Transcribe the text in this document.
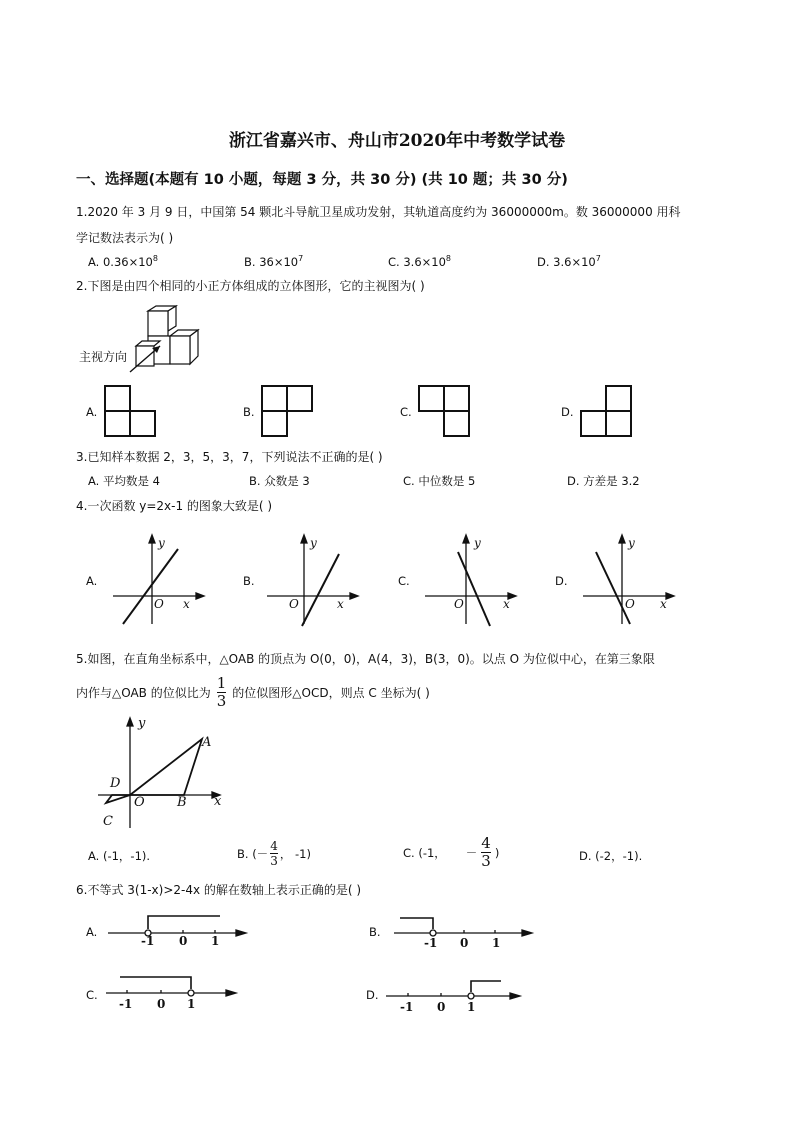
浙江省嘉兴市、舟山市2020年中考数学试卷
一、选择题(本题有 10 小题，每题 3 分，共 30 分) (共 10 题；共 30 分)
1.2020 年 3 月 9 日，中国第 54 颗北斗导航卫星成功发射，其轨道高度约为 36000000m。数 36000000 用科
学记数法表示为( )
A. $0.36\times 10^8$	B. $36\times 10^7$	C. $3.6\times 10^8$	D. $3.6\times 10^7$
2.下图是由四个相同的小正方体组成的立体图形，它的主视图为( )
主视方向
A.	B.	C.	D.
3.已知样本数据 2，3，5，3，7，下列说法不正确的是( )
A. 平均数是 4	B. 众数是 3	C. 中位数是 5	D. 方差是 3.2
4.一次函数 y=2x-1 的图象大致是( )
A.
y
x
O
B.
y
x
O
C.
y
x
O
D.
y
x
O
5.如图，在直角坐标系中，△OAB 的顶点为 O(0，0)，A(4，3)，B(3，0)。以点 O 为位似中心，在第三象限
内作与△OAB 的位似比为 $\frac{1}{3}$ 的位似图形△OCD，则点 C 坐标为( )
y
x
A
B
O
D
C
A. (-1，-1).	B. (－ $\frac{4}{3}$ ， -1)	C. (-1， － $\frac{4}{3}$ )	D. (-2，-1).
6.不等式 3(1-x)>2-4x 的解在数轴上表示正确的是( )
A.
-1 0 1
B.
-1 0 1
C.
-1 0 1
D.
-1 0 1
